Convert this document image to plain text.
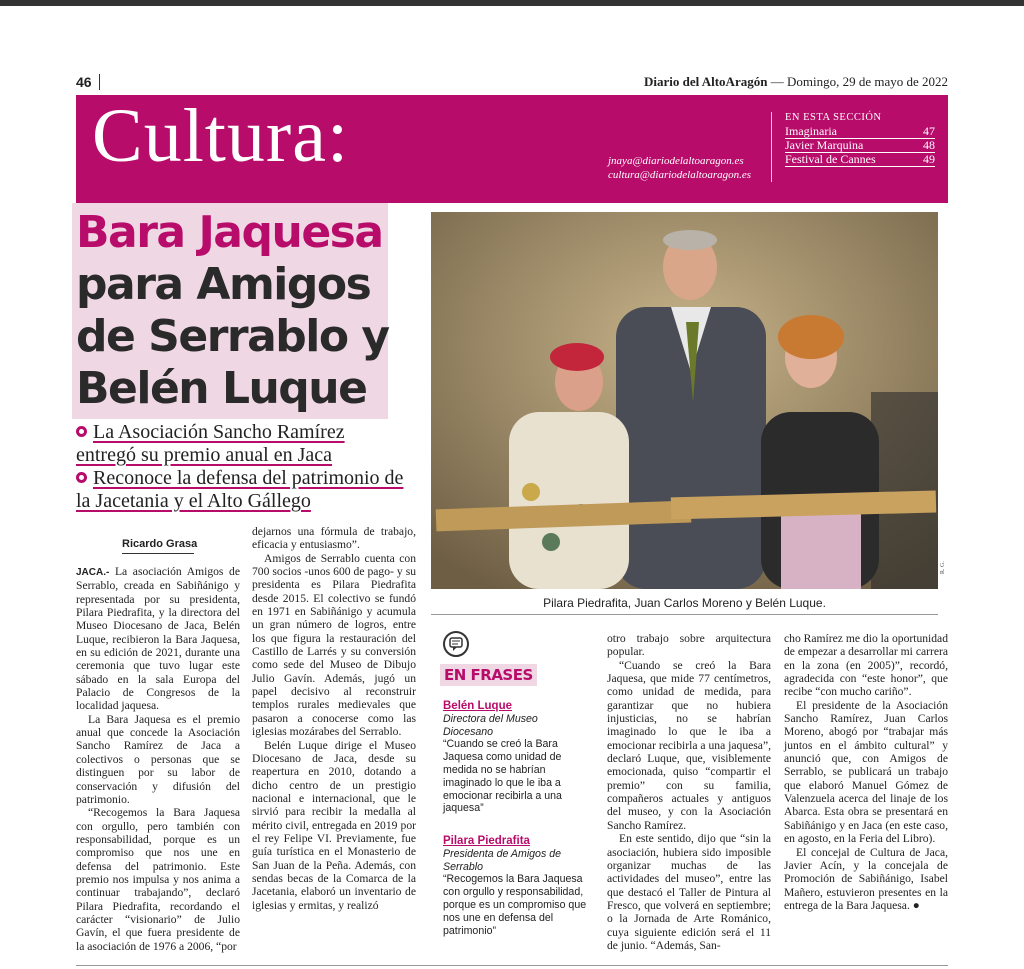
46	Diario del AltoAragón — Domingo, 29 de mayo de 2022
Cultura:	jnaya@diariodelaltoaragon.es
cultura@diariodelaltoaragon.es
EN ESTA SECCIÓN
Imaginaria	47
Javier Marquina	48
Festival de Cannes	49
Bara Jaquesa
para Amigos
de Serrablo y
Belén Luque
La Asociación Sancho Ramírez entregó su premio anual en Jaca
Reconoce la defensa del patrimonio de la Jacetania y el Alto Gállego
R. G.
Pilara Piedrafita, Juan Carlos Moreno y Belén Luque.
Ricardo Grasa

JACA.- La asociación Amigos de Serrablo, creada en Sabiñánigo y representada por su presidenta, Pilara Piedrafita, y la directora del Museo Diocesano de Jaca, Belén Luque, recibieron la Bara Jaquesa, en su edición de 2021, durante una ceremonia que tuvo lugar este sábado en la sala Europa del Palacio de Congresos de la localidad jaquesa.

La Bara Jaquesa es el premio anual que concede la Asociación Sancho Ramírez de Jaca a colectivos o personas que se distinguen por su labor de conservación y difusión del patrimonio.

“Recogemos la Bara Jaquesa con orgullo, pero también con responsabilidad, porque es un compromiso que nos une en defensa del patrimonio. Este premio nos impulsa y nos anima a continuar trabajando”, declaró Pilara Piedrafita, recordando el carácter “visionario” de Julio Gavín, el que fuera presidente de la asociación de 1976 a 2006, “por

dejarnos una fórmula de trabajo, eficacia y entusiasmo”.

Amigos de Serrablo cuenta con 700 socios -unos 600 de pago- y su presidenta es Pilara Piedrafita desde 2015. El colectivo se fundó en 1971 en Sabiñánigo y acumula un gran número de logros, entre los que figura la restauración del Castillo de Larrés y su conversión como sede del Museo de Dibujo Julio Gavín. Además, jugó un papel decisivo al reconstruir templos rurales medievales que pasaron a conocerse como las iglesias mozárabes del Serrablo.

Belén Luque dirige el Museo Diocesano de Jaca, desde su reapertura en 2010, dotando a dicho centro de un prestigio nacional e internacional, que le sirvió para recibir la medalla al mérito civil, entregada en 2019 por el rey Felipe VI. Previamente, fue guía turística en el Monasterio de San Juan de la Peña. Además, con sendas becas de la Comarca de la Jacetania, elaboró un inventario de iglesias y ermitas, y realizó

EN FRASES
Belén Luque
Directora del Museo Diocesano
“Cuando se creó la Bara Jaquesa como unidad de medida no se habrían imaginado lo que le iba a emocionar recibirla a una jaquesa”
Pilara Piedrafita
Presidenta de Amigos de Serrablo
“Recogemos la Bara Jaquesa con orgullo y responsabilidad, porque es un compromiso que nos une en defensa del patrimonio”

otro trabajo sobre arquitectura popular.

“Cuando se creó la Bara Jaquesa, que mide 77 centímetros, como unidad de medida, para garantizar que no hubiera injusticias, no se habrían imaginado lo que le iba a emocionar recibirla a una jaquesa”, declaró Luque, que, visiblemente emocionada, quiso “compartir el premio” con su familia, compañeros actuales y antiguos del museo, y con la Asociación Sancho Ramírez.

En este sentido, dijo que “sin la asociación, hubiera sido imposible organizar muchas de las actividades del museo”, entre las que destacó el Taller de Pintura al Fresco, que volverá en septiembre; o la Jornada de Arte Románico, cuya siguiente edición será el 11 de junio. “Además, San-

cho Ramírez me dio la oportunidad de empezar a desarrollar mi carrera en la zona (en 2005)”, recordó, agradecida con “este honor”, que recibe “con mucho cariño”.

El presidente de la Asociación Sancho Ramírez, Juan Carlos Moreno, abogó por “trabajar más juntos en el ámbito cultural” y anunció que, con Amigos de Serrablo, se publicará un trabajo que elaboró Manuel Gómez de Valenzuela acerca del linaje de los Abarca. Esta obra se presentará en Sabiñánigo y en Jaca (en este caso, en agosto, en la Feria del Libro).

El concejal de Cultura de Jaca, Javier Acín, y la concejala de Promoción de Sabiñánigo, Isabel Mañero, estuvieron presentes en la entrega de la Bara Jaquesa. ●
